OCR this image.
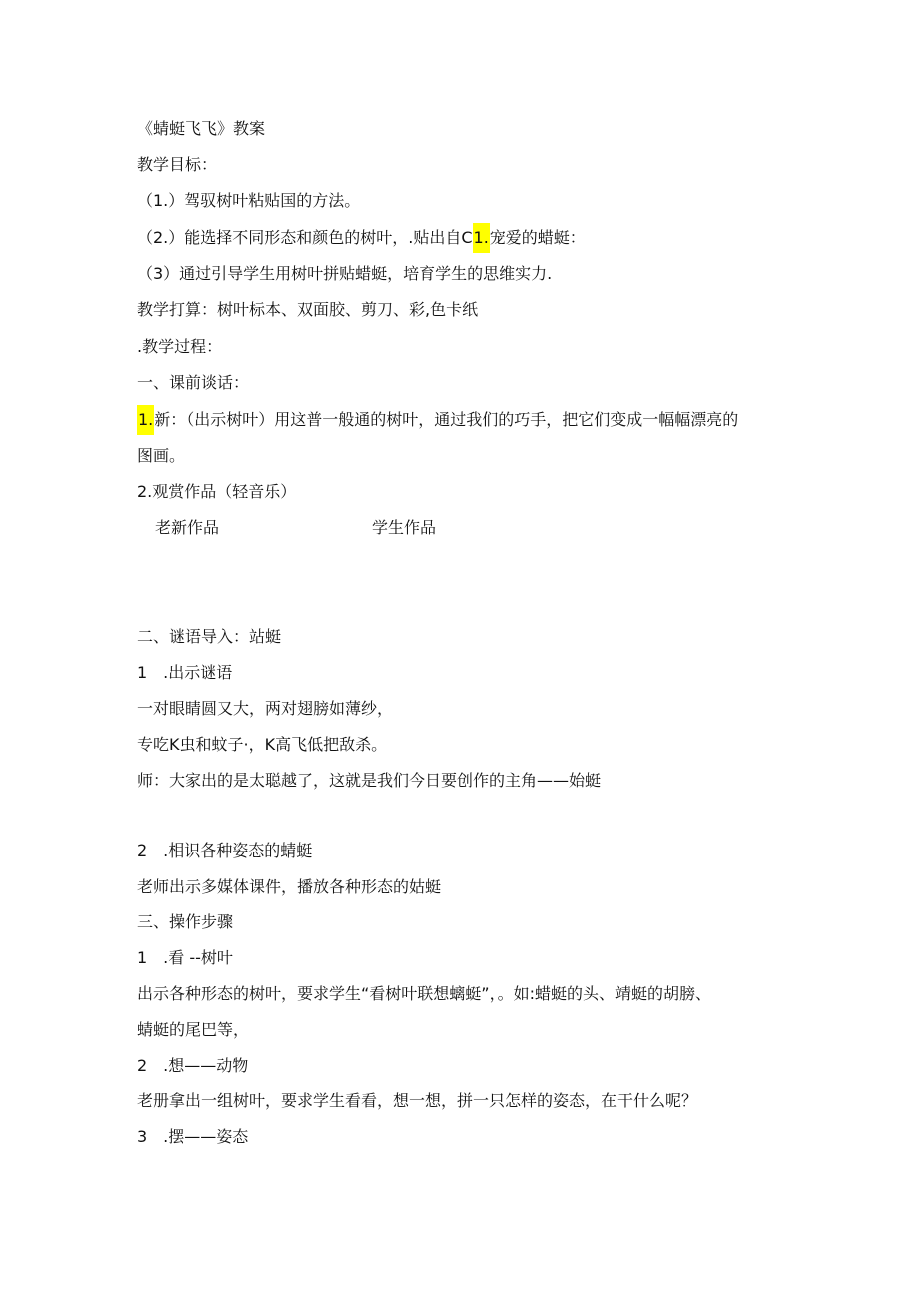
《蜻蜓飞飞》教案
教学目标：
（1.）驾驭树叶粘贴国的方法。
（2.）能选择不同形态和颜色的树叶，.贴出自C1.宠爱的蜡蜓：
（3）通过引导学生用树叶拼贴蜡蜓，培育学生的思维实力.
教学打算：树叶标本、双面胶、剪刀、彩,色卡纸
.教学过程：
一、课前谈话：
1.新：（出示树叶）用这普一般通的树叶，通过我们的巧手，把它们变成一幅幅漂亮的
图画。
2.观赏作品（轻音乐）
老新作品	学生作品
二、谜语导入：站蜓
1　.出示谜语
一对眼睛圆又大，两对翅膀如薄纱，
专吃K虫和蚊子·，K高飞低把敌杀。
师：大家出的是太聪越了，这就是我们今日要创作的主角——始蜓
2　.相识各种姿态的蜻蜓
老师出示多媒体课件，播放各种形态的姑蜓
三、操作步骤
1　.看 --树叶
出示各种形态的树叶，要求学生“看树叶联想螭蜓”，。如:蜡蜓的头、靖蜓的胡膀、
蜻蜓的尾巴等，
2　.想——动物
老册拿出一组树叶，要求学生看看，想一想，拼一只怎样的姿态，在干什么呢？
3　.摆——姿态
